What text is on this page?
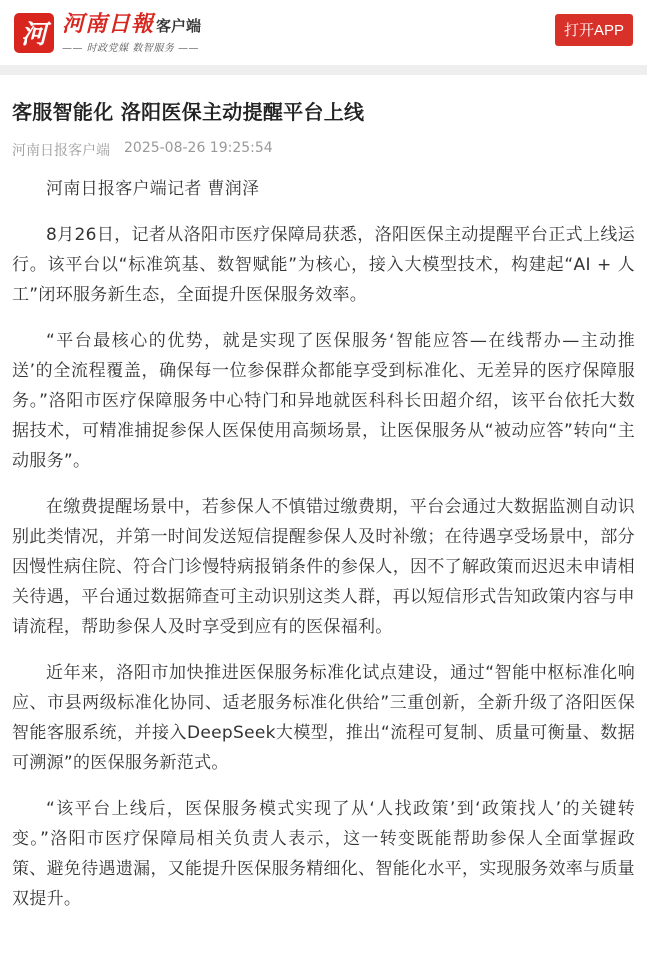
河 河南日報 客户端
—— 时政党媒 数智服务 ——
打开APP
客服智能化 洛阳医保主动提醒平台上线
河南日报客户端 2025-08-26 19:25:54

河南日报客户端记者 曹润泽

8月26日，记者从洛阳市医疗保障局获悉，洛阳医保主动提醒平台正式上线运行。该平台以“标准筑基、数智赋能”为核心，接入大模型技术，构建起“AI + 人工”闭环服务新生态，全面提升医保服务效率。

“平台最核心的优势，就是实现了医保服务‘智能应答—在线帮办—主动推送’的全流程覆盖，确保每一位参保群众都能享受到标准化、无差异的医疗保障服务。”洛阳市医疗保障服务中心特门和异地就医科科长田超介绍，该平台依托大数据技术，可精准捕捉参保人医保使用高频场景，让医保服务从“被动应答”转向“主动服务”。

在缴费提醒场景中，若参保人不慎错过缴费期，平台会通过大数据监测自动识别此类情况，并第一时间发送短信提醒参保人及时补缴；在待遇享受场景中，部分因慢性病住院、符合门诊慢特病报销条件的参保人，因不了解政策而迟迟未申请相关待遇，平台通过数据筛查可主动识别这类人群，再以短信形式告知政策内容与申请流程，帮助参保人及时享受到应有的医保福利。

近年来，洛阳市加快推进医保服务标准化试点建设，通过“智能中枢标准化响应、市县两级标准化协同、适老服务标准化供给”三重创新，全新升级了洛阳医保智能客服系统，并接入DeepSeek大模型，推出“流程可复制、质量可衡量、数据可溯源”的医保服务新范式。

“该平台上线后，医保服务模式实现了从‘人找政策’到‘政策找人’的关键转变。”洛阳市医疗保障局相关负责人表示，这一转变既能帮助参保人全面掌握政策、避免待遇遗漏，又能提升医保服务精细化、智能化水平，实现服务效率与质量双提升。
